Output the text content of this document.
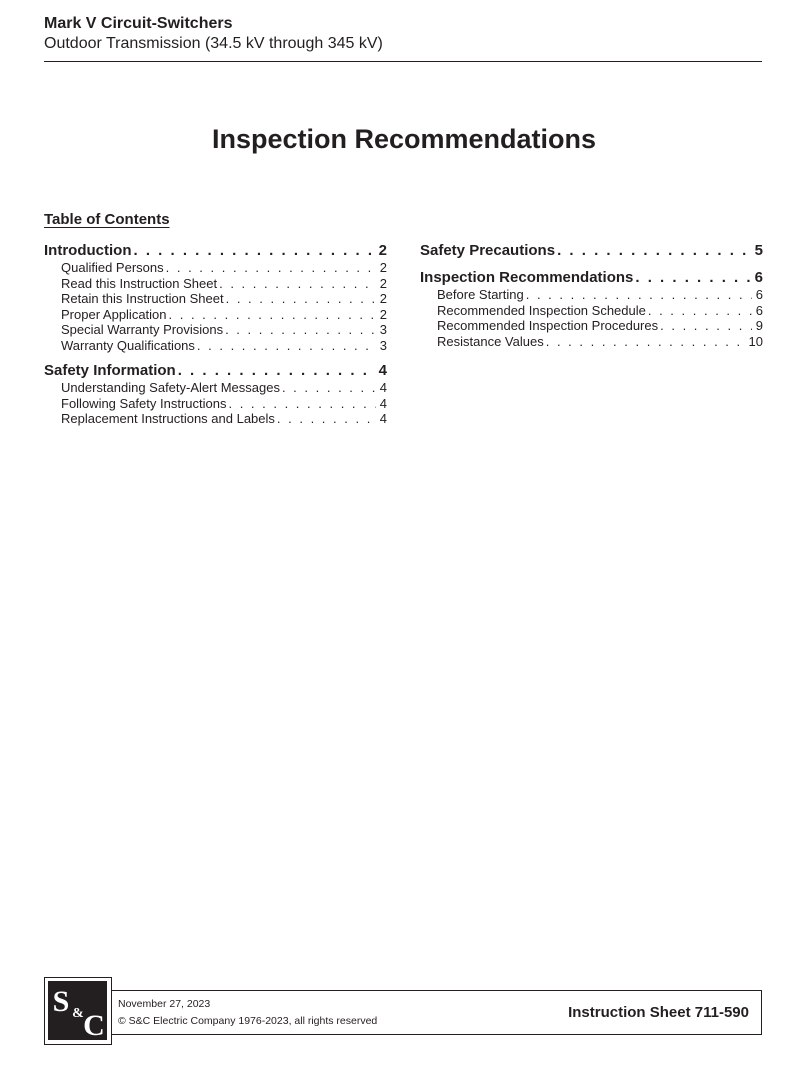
Mark V Circuit-Switchers
Outdoor Transmission (34.5 kV through 345 kV)
Inspection Recommendations
Table of Contents
Introduction . . .	2
Qualified Persons . . .	2
Read this Instruction Sheet . . .	2
Retain this Instruction Sheet . . .	2
Proper Application . . .	2
Special Warranty Provisions . . .	3
Warranty Qualifications . . .	3
Safety Information . . .	4
Understanding Safety-Alert Messages . . .	4
Following Safety Instructions . . .	4
Replacement Instructions and Labels . . .	4
Safety Precautions . . .	5
Inspection Recommendations . . .	6
Before Starting . . .	6
Recommended Inspection Schedule . . .	6
Recommended Inspection Procedures . . .	9
Resistance Values . . .	10
S & C
November 27, 2023
© S&C Electric Company 1976-2023, all rights reserved	Instruction Sheet 711-590
